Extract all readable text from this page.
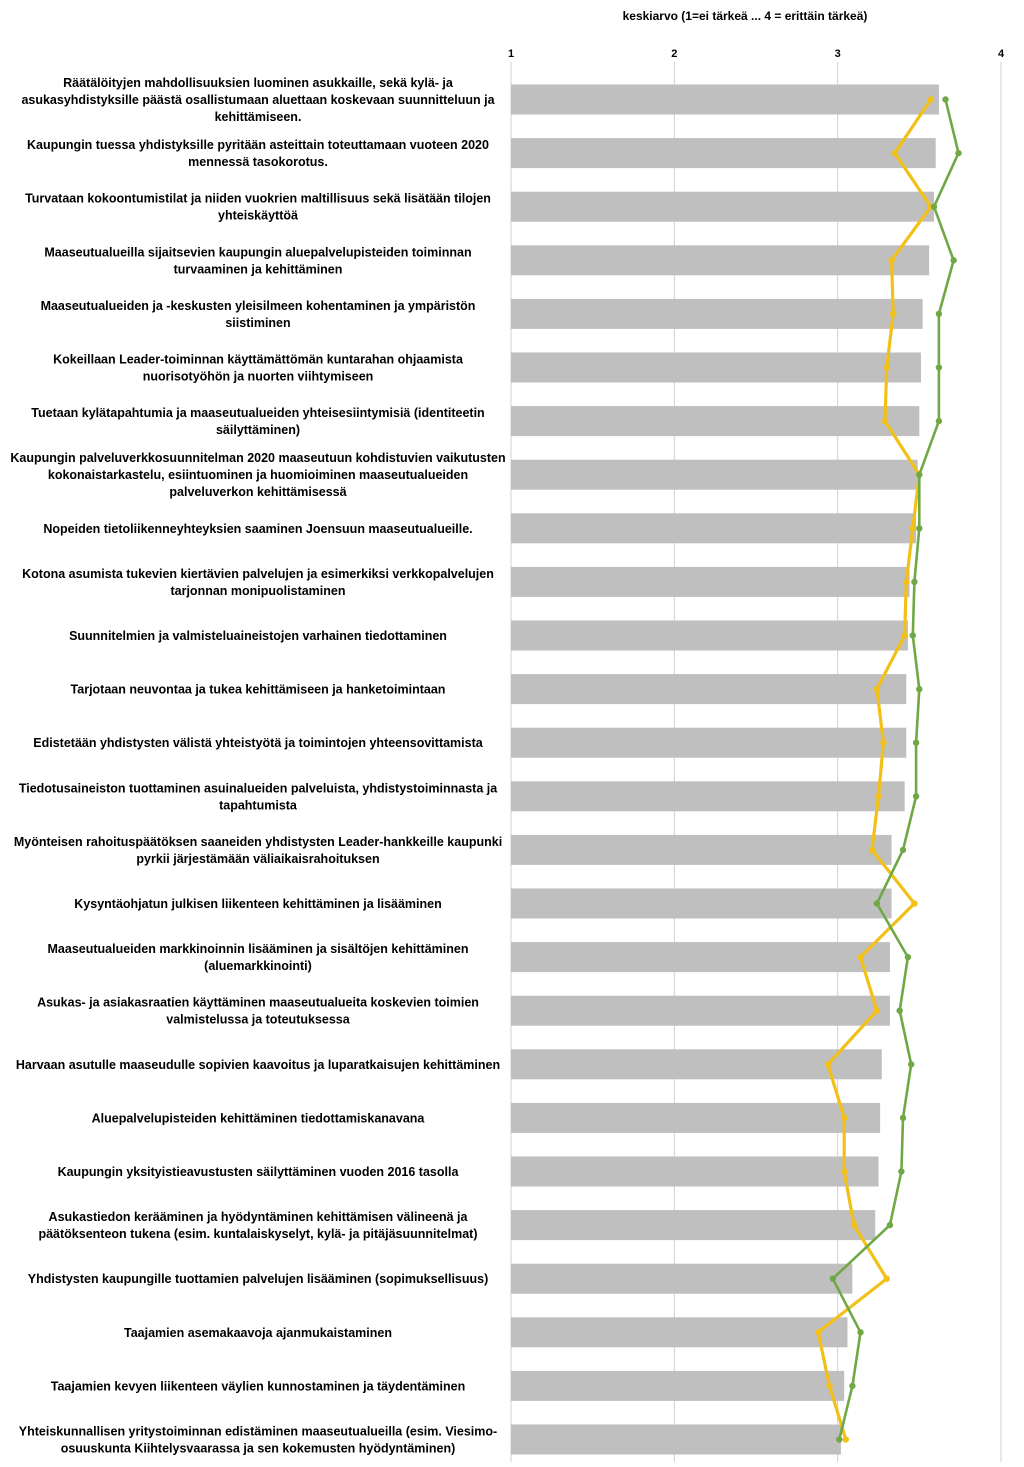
keskiarvo (1=ei tärkeä ... 4 = erittäin tärkeä)
1	2	3	4
Räätälöityjen mahdollisuuksien luominen asukkaille, sekä kylä- ja asukasyhdistyksille päästä osallistumaan aluettaan koskevaan suunnitteluun ja kehittämiseen.
Kaupungin tuessa yhdistyksille pyritään asteittain toteuttamaan vuoteen 2020 mennessä tasokorotus.
Turvataan kokoontumistilat ja niiden vuokrien maltillisuus sekä lisätään tilojen yhteiskäyttöä
Maaseutualueilla sijaitsevien kaupungin aluepalvelupisteiden toiminnan turvaaminen ja kehittäminen
Maaseutualueiden ja -keskusten yleisilmeen kohentaminen ja ympäristön siistiminen
Kokeillaan Leader-toiminnan käyttämättömän kuntarahan ohjaamista nuorisotyöhön ja nuorten viihtymiseen
Tuetaan kylätapahtumia ja maaseutualueiden yhteisesiintymisiä (identiteetin säilyttäminen)
Kaupungin palveluverkkosuunnitelman 2020 maaseutuun kohdistuvien vaikutusten kokonaistarkastelu, esiintuominen ja huomioiminen maaseutualueiden palveluverkon kehittämisessä
Nopeiden tietoliikenneyhteyksien saaminen Joensuun maaseutualueille.
Kotona asumista tukevien kiertävien palvelujen ja esimerkiksi verkkopalvelujen tarjonnan monipuolistaminen
Suunnitelmien ja valmisteluaineistojen varhainen tiedottaminen
Tarjotaan neuvontaa ja tukea kehittämiseen ja hanketoimintaan
Edistetään yhdistysten välistä yhteistyötä ja toimintojen yhteensovittamista
Tiedotusaineiston tuottaminen asuinalueiden palveluista, yhdistystoiminnasta ja tapahtumista
Myönteisen rahoituspäätöksen saaneiden yhdistysten Leader-hankkeille kaupunki pyrkii järjestämään väliaikaisrahoituksen
Kysyntäohjatun julkisen liikenteen kehittäminen ja lisääminen
Maaseutualueiden markkinoinnin lisääminen ja sisältöjen kehittäminen (aluemarkkinointi)
Asukas- ja asiakasraatien käyttäminen maaseutualueita koskevien toimien valmistelussa ja toteutuksessa
Harvaan asutulle maaseudulle sopivien kaavoitus ja luparatkaisujen kehittäminen
Aluepalvelupisteiden kehittäminen tiedottamiskanavana
Kaupungin yksityistieavustusten säilyttäminen vuoden 2016 tasolla
Asukastiedon kerääminen ja hyödyntäminen kehittämisen välineenä ja päätöksenteon tukena (esim. kuntalaiskyselyt, kylä- ja pitäjäsuunnitelmat)
Yhdistysten kaupungille tuottamien palvelujen lisääminen (sopimuksellisuus)
Taajamien asemakaavoja ajanmukaistaminen
Taajamien kevyen liikenteen väylien kunnostaminen ja täydentäminen
Yhteiskunnallisen yritystoiminnan edistäminen maaseutualueilla (esim. Viesimo-osuuskunta Kiihtelysvaarassa ja sen kokemusten hyödyntäminen)
